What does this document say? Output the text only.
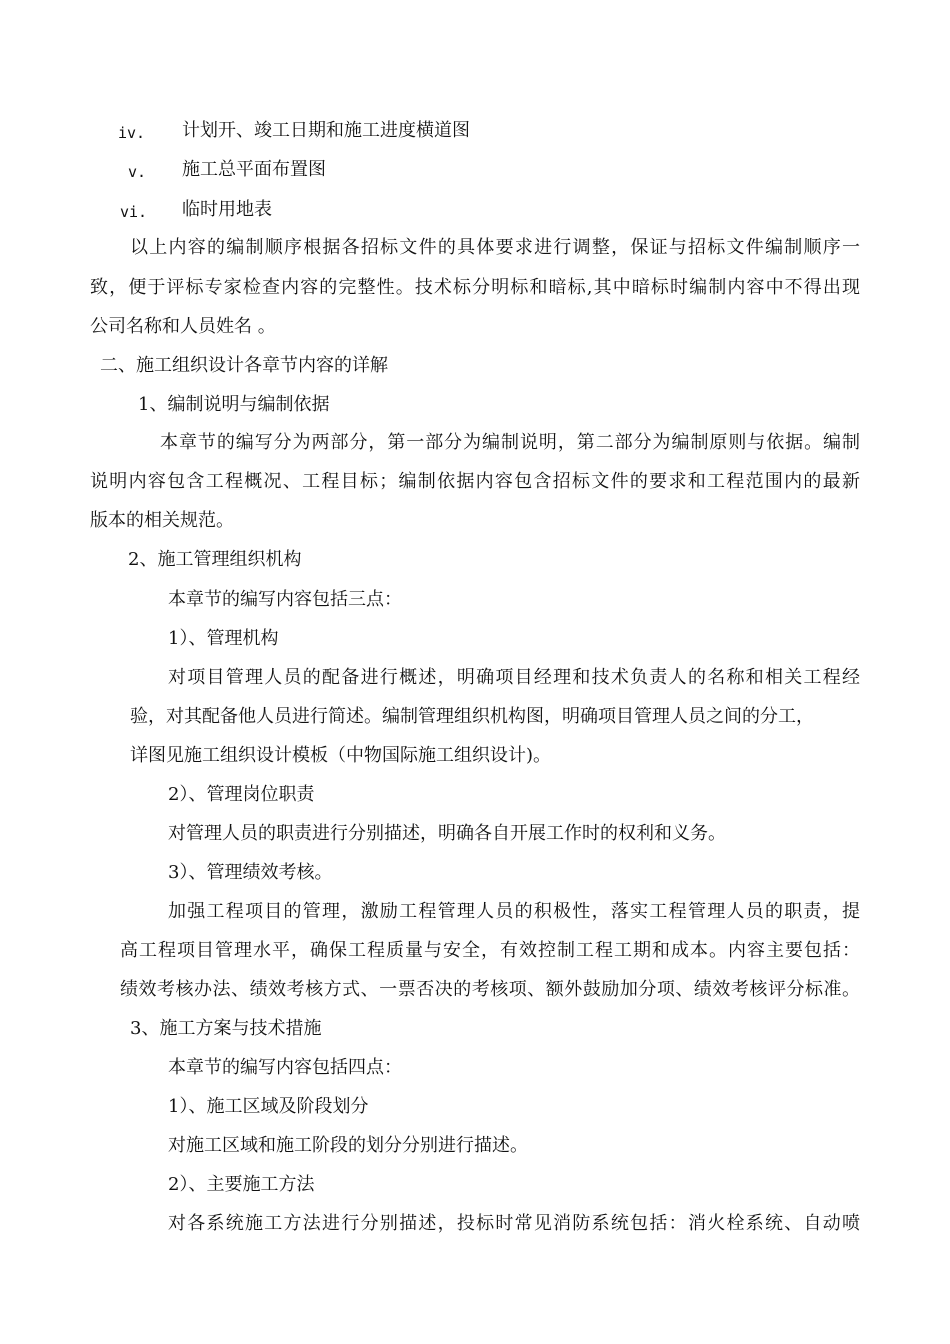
iv. 计划开、竣工日期和施工进度横道图
v. 施工总平面布置图
vi. 临时用地表
以上内容的编制顺序根据各招标文件的具体要求进行调整，保证与招标文件编制顺序一
致，便于评标专家检查内容的完整性。技术标分明标和暗标,其中暗标时编制内容中不得出现
公司名称和人员姓名 。
二、施工组织设计各章节内容的详解
1、编制说明与编制依据
本章节的编写分为两部分，第一部分为编制说明，第二部分为编制原则与依据。编制
说明内容包含工程概况、工程目标；编制依据内容包含招标文件的要求和工程范围内的最新
版本的相关规范。
2、施工管理组织机构
本章节的编写内容包括三点：
1）、管理机构
对项目管理人员的配备进行概述，明确项目经理和技术负责人的名称和相关工程经
验，对其配备他人员进行简述。编制管理组织机构图，明确项目管理人员之间的分工，
详图见施工组织设计模板（中物国际施工组织设计)。
2）、管理岗位职责
对管理人员的职责进行分别描述，明确各自开展工作时的权利和义务。
3）、管理绩效考核。
加强工程项目的管理，激励工程管理人员的积极性，落实工程管理人员的职责，提
高工程项目管理水平，确保工程质量与安全，有效控制工程工期和成本。内容主要包括：
绩效考核办法、绩效考核方式、一票否决的考核项、额外鼓励加分项、绩效考核评分标准。
3、施工方案与技术措施
本章节的编写内容包括四点：
1）、施工区域及阶段划分
对施工区域和施工阶段的划分分别进行描述。
2）、主要施工方法
对各系统施工方法进行分别描述，投标时常见消防系统包括：消火栓系统、自动喷
